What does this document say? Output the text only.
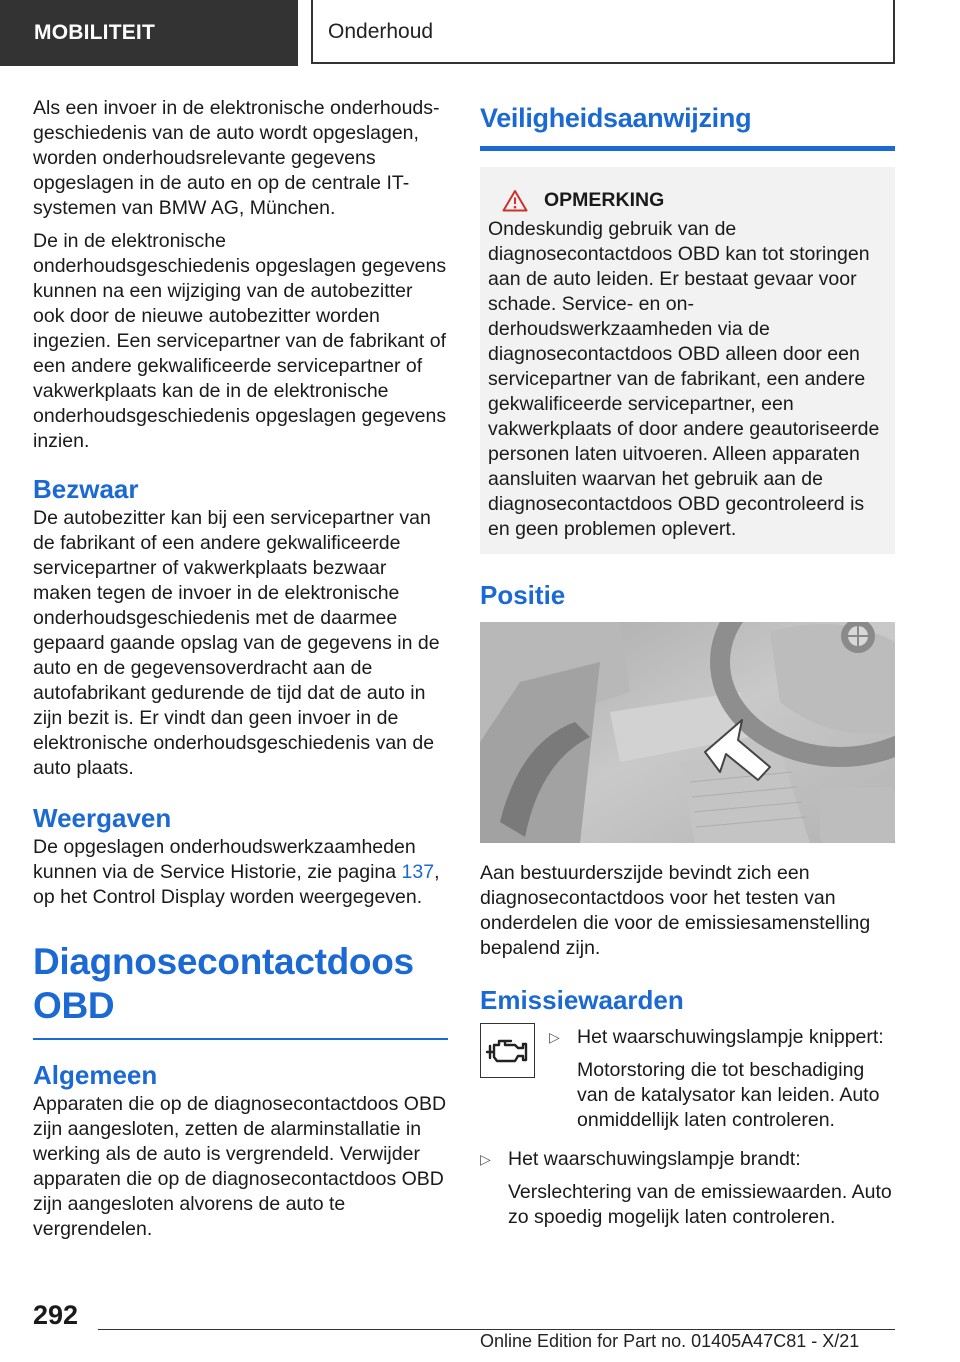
MOBILITEIT	Onderhoud

Als een invoer in de elektronische onderhoudsgeschiedenis van de auto wordt opgeslagen, worden onderhoudsrelevante gegevens opgeslagen in de auto en op de centrale IT-systemen van BMW AG, München.

De in de elektronische onderhoudsgeschiedenis opgeslagen gegevens kunnen na een wijziging van de autobezitter ook door de nieuwe autobezitter worden ingezien. Een servicepartner van de fabrikant of een andere gekwalificeerde servicepartner of vakwerkplaats kan de in de elektronische onderhoudsgeschiedenis opgeslagen gegevens inzien.

Bezwaar

De autobezitter kan bij een servicepartner van de fabrikant of een andere gekwalificeerde servicepartner of vakwerkplaats bezwaar maken tegen de invoer in de elektronische onderhoudsgeschiedenis met de daarmee gepaard gaande opslag van de gegevens in de auto en de gegevensoverdracht aan de autofabrikant gedurende de tijd dat de auto in zijn bezit is. Er vindt dan geen invoer in de elektronische onderhoudsgeschiedenis van de auto plaats.

Weergaven

De opgeslagen onderhoudswerkzaamheden kunnen via de Service Historie, zie pagina 137, op het Control Display worden weergegeven.

Diagnosecontactdoos OBD
Algemeen

Apparaten die op de diagnosecontactdoos OBD zijn aangesloten, zetten de alarminstallatie in werking als de auto is vergrendeld. Verwijder apparaten die op de diagnosecontactdoos OBD zijn aangesloten alvorens de auto te vergrendelen.

Veiligheidsaanwijzing
OPMERKING

Ondeskundig gebruik van de diagnosecontactdoos OBD kan tot storingen aan de auto leiden. Er bestaat gevaar voor schade. Service- en onderhoudswerkzaamheden via de diagnosecontactdoos OBD alleen door een servicepartner van de fabrikant, een andere gekwalificeerde servicepartner, een vakwerkplaats of door andere geautoriseerde personen laten uitvoeren. Alleen apparaten aansluiten waarvan het gebruik aan de diagnosecontactdoos OBD gecontroleerd is en geen problemen oplevert.

Positie

Aan bestuurderszijde bevindt zich een diagnosecontactdoos voor het testen van onderdelen die voor de emissiesamenstelling bepalend zijn.

Emissiewaarden
▷ Het waarschuwingslampje knippert:

Motorstoring die tot beschadiging van de katalysator kan leiden. Auto onmiddellijk laten controleren.

▷ Het waarschuwingslampje brandt:

Verslechtering van de emissiewaarden. Auto zo spoedig mogelijk laten controleren.

292
Online Edition for Part no. 01405A47C81 - X/21
